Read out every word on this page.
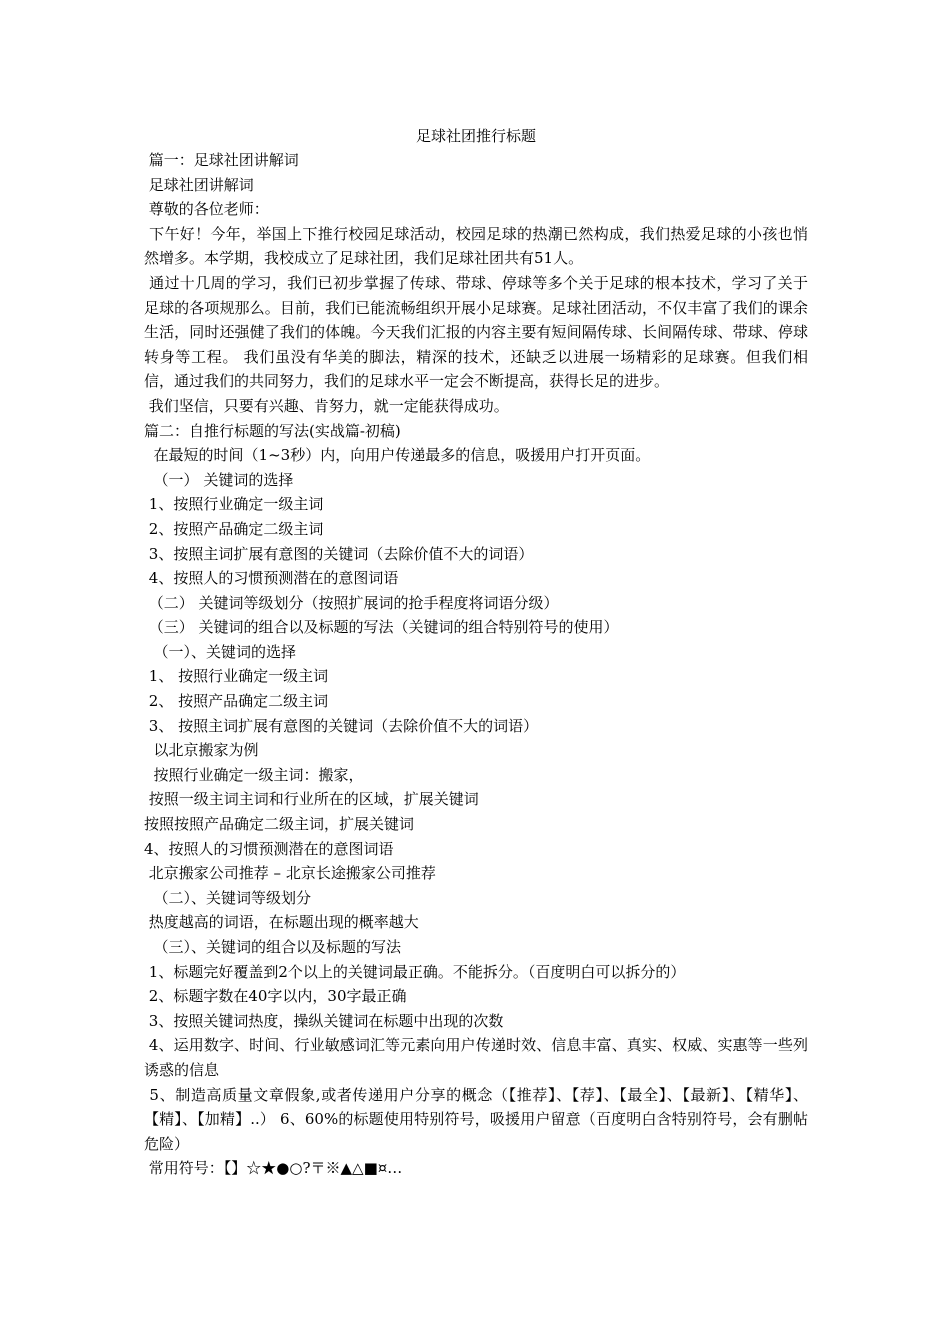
足球社团推行标题

篇一：足球社团讲解词

足球社团讲解词

尊敬的各位老师：

下午好！今年，举国上下推行校园足球活动，校园足球的热潮已然构成，我们热爱足球的小孩也悄然增多。本学期，我校成立了足球社团，我们足球社团共有51人。

通过十几周的学习，我们已初步掌握了传球、带球、停球等多个关于足球的根本技术，学习了关于足球的各项规那么。目前，我们已能流畅组织开展小足球赛。足球社团活动，不仅丰富了我们的课余生活，同时还强健了我们的体魄。今天我们汇报的内容主要有短间隔传球、长间隔传球、带球、停球转身等工程。 我们虽没有华美的脚法，精深的技术，还缺乏以进展一场精彩的足球赛。但我们相信，通过我们的共同努力，我们的足球水平一定会不断提高，获得长足的进步。

我们坚信，只要有兴趣、肯努力，就一定能获得成功。

篇二：自推行标题的写法(实战篇-初稿)

在最短的时间（1~3秒）内，向用户传递最多的信息，吸援用户打开页面。

（一） 关键词的选择

1、按照行业确定一级主词

2、按照产品确定二级主词

3、按照主词扩展有意图的关键词（去除价值不大的词语）

4、按照人的习惯预测潜在的意图词语

（二） 关键词等级划分（按照扩展词的抢手程度将词语分级）

（三） 关键词的组合以及标题的写法（关键词的组合特别符号的使用）

（一）、关键词的选择

1、 按照行业确定一级主词

2、 按照产品确定二级主词

3、 按照主词扩展有意图的关键词（去除价值不大的词语）

以北京搬家为例

按照行业确定一级主词：搬家，

按照一级主词主词和行业所在的区域，扩展关键词

按照按照产品确定二级主词，扩展关键词

4、按照人的习惯预测潜在的意图词语

北京搬家公司推荐 – 北京长途搬家公司推荐

（二）、关键词等级划分

热度越高的词语，在标题出现的概率越大

（三）、关键词的组合以及标题的写法

1、标题完好覆盖到2个以上的关键词最正确。不能拆分。（百度明白可以拆分的）

2、标题字数在40字以内，30字最正确

3、按照关键词热度，操纵关键词在标题中出现的次数

4、运用数字、时间、行业敏感词汇等元素向用户传递时效、信息丰富、真实、权威、实惠等一些列诱惑的信息

5、制造高质量文章假象,或者传递用户分享的概念（【推荐】、【荐】、【最全】、【最新】、【精华】、【精】、【加精】..） 6、60%的标题使用特别符号，吸援用户留意（百度明白含特别符号，会有删帖危险）

常用符号：【】☆★●○?〒※▲△■¤…
